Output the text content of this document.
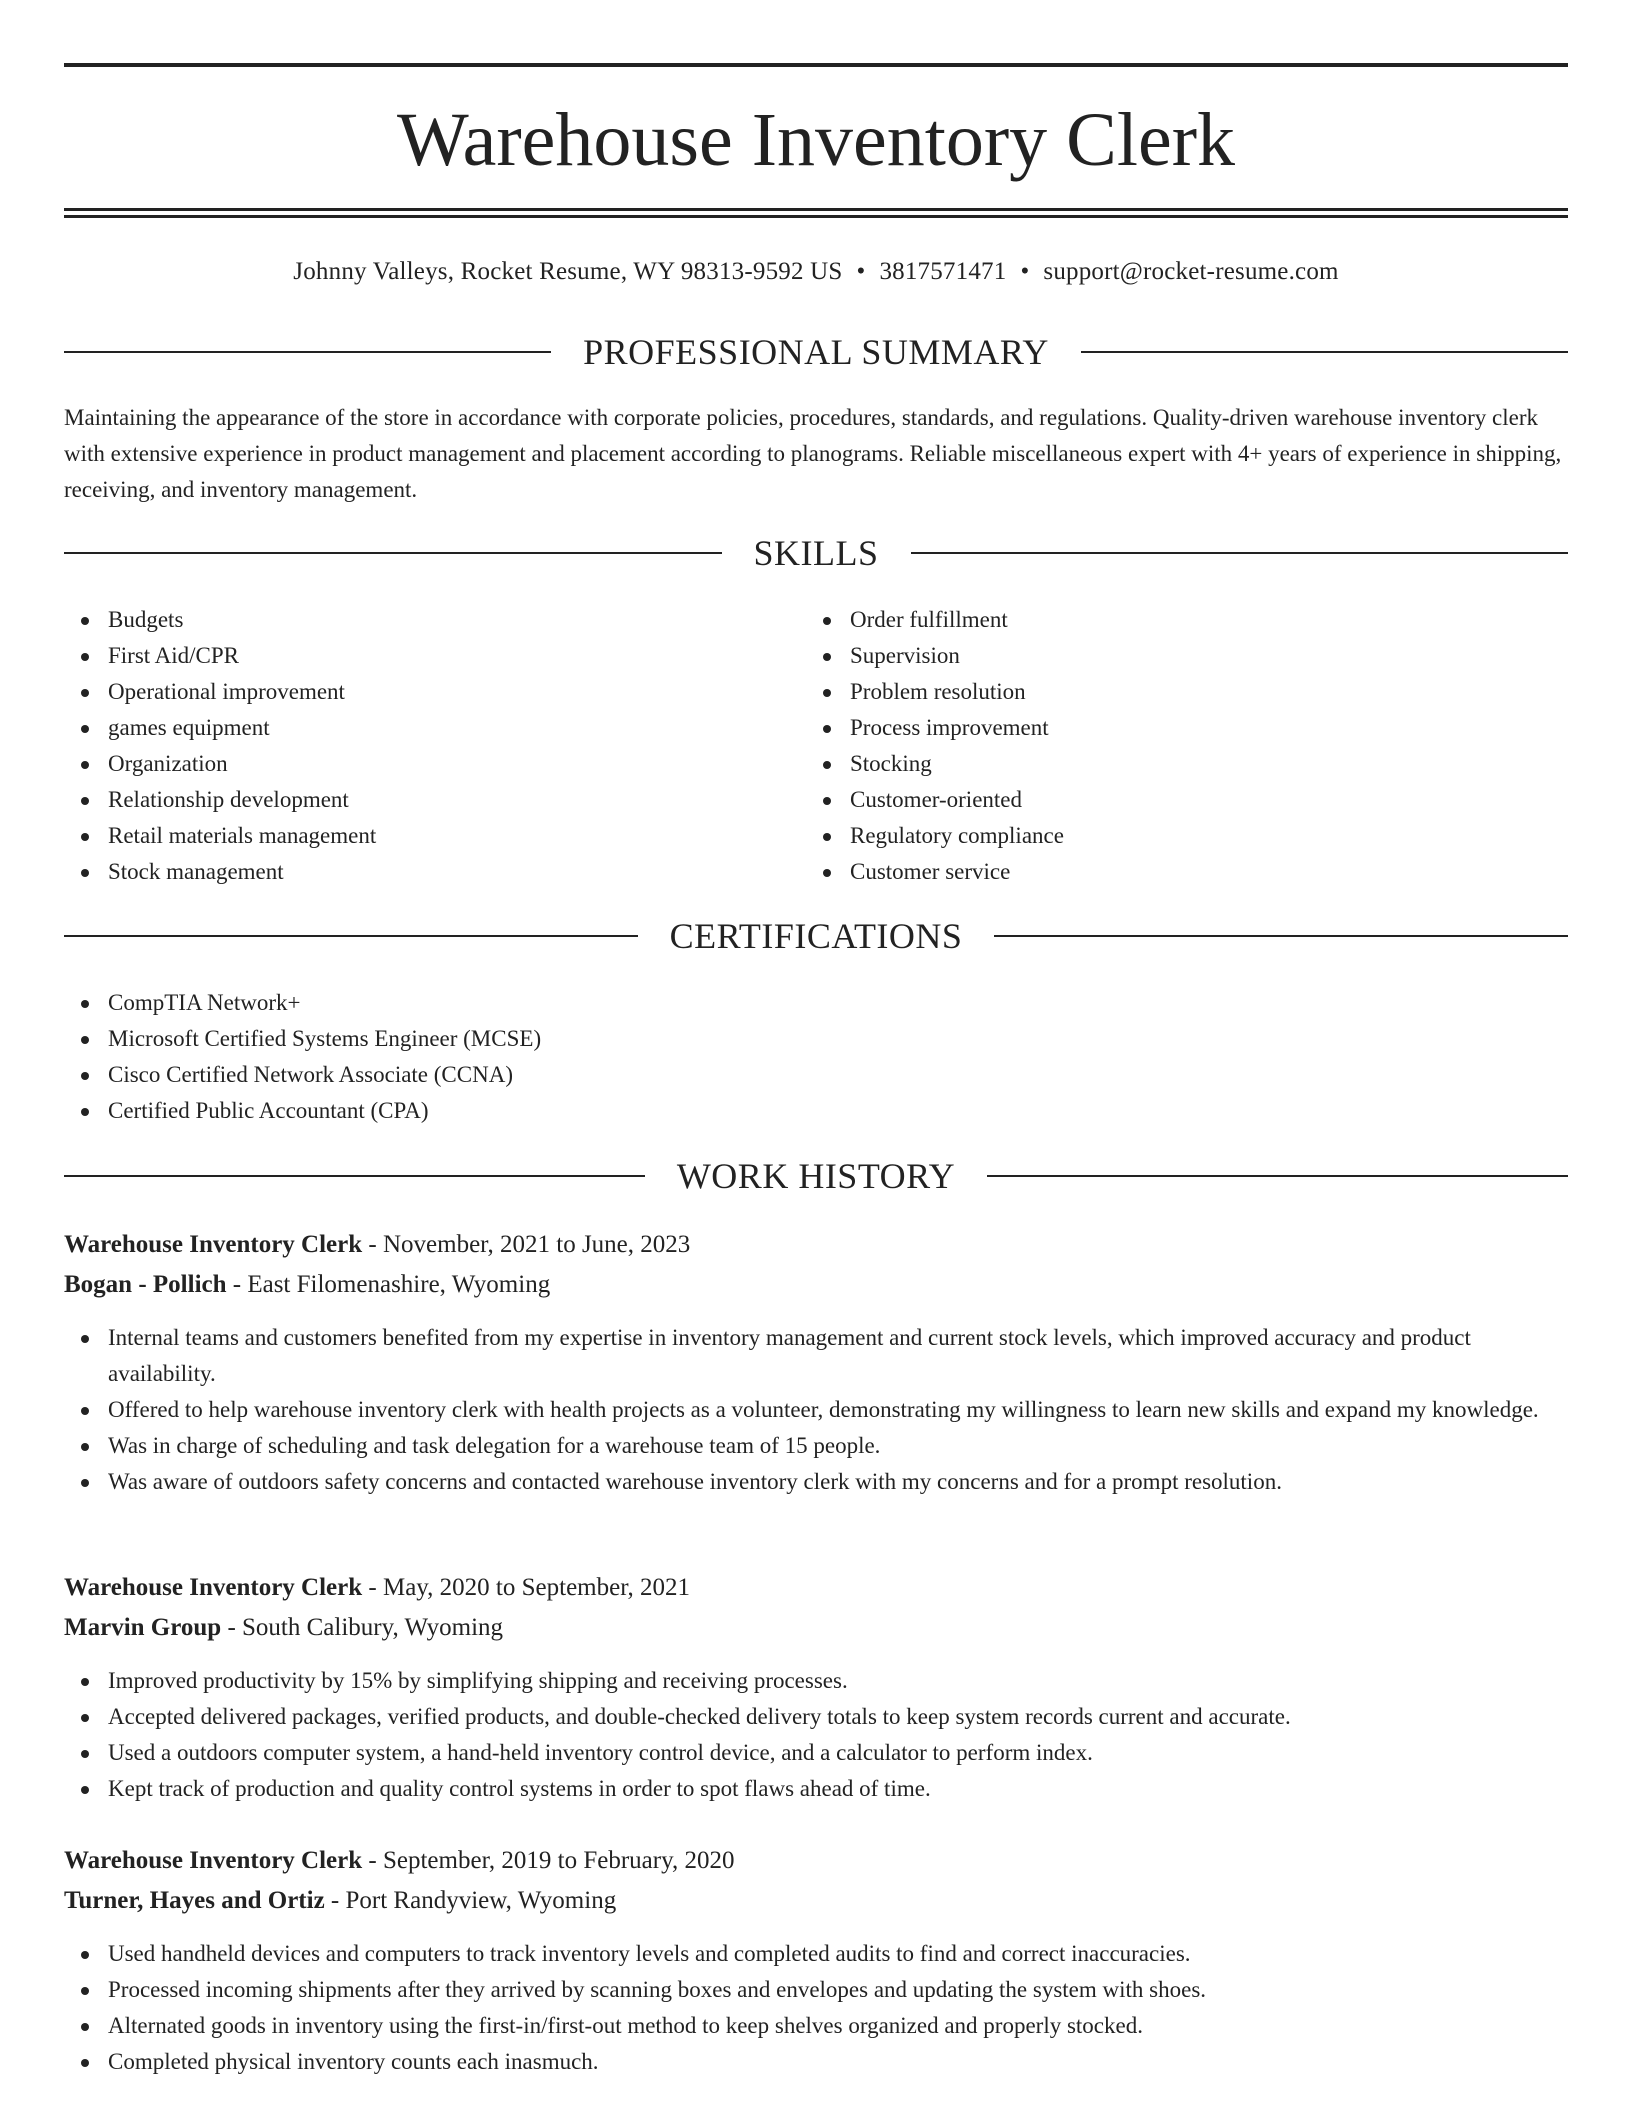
Warehouse Inventory Clerk
Johnny Valleys, Rocket Resume, WY 98313-9592 US • 3817571471 • support@rocket-resume.com
PROFESSIONAL SUMMARY

Maintaining the appearance of the store in accordance with corporate policies, procedures, standards, and regulations. Quality-driven warehouse inventory clerk with extensive experience in product management and placement according to planograms. Reliable miscellaneous expert with 4+ years of experience in shipping, receiving, and inventory management.

SKILLS
Budgets
First Aid/CPR
Operational improvement
games equipment
Organization
Relationship development
Retail materials management
Stock management
Order fulfillment
Supervision
Problem resolution
Process improvement
Stocking
Customer-oriented
Regulatory compliance
Customer service
CERTIFICATIONS
CompTIA Network+
Microsoft Certified Systems Engineer (MCSE)
Cisco Certified Network Associate (CCNA)
Certified Public Accountant (CPA)
WORK HISTORY
Warehouse Inventory Clerk - November, 2021 to June, 2023
Bogan - Pollich - East Filomenashire, Wyoming
Internal teams and customers benefited from my expertise in inventory management and current stock levels, which improved accuracy and product availability.
Offered to help warehouse inventory clerk with health projects as a volunteer, demonstrating my willingness to learn new skills and expand my knowledge.
Was in charge of scheduling and task delegation for a warehouse team of 15 people.
Was aware of outdoors safety concerns and contacted warehouse inventory clerk with my concerns and for a prompt resolution.
Warehouse Inventory Clerk - May, 2020 to September, 2021
Marvin Group - South Calibury, Wyoming
Improved productivity by 15% by simplifying shipping and receiving processes.
Accepted delivered packages, verified products, and double-checked delivery totals to keep system records current and accurate.
Used a outdoors computer system, a hand-held inventory control device, and a calculator to perform index.
Kept track of production and quality control systems in order to spot flaws ahead of time.
Warehouse Inventory Clerk - September, 2019 to February, 2020
Turner, Hayes and Ortiz - Port Randyview, Wyoming
Used handheld devices and computers to track inventory levels and completed audits to find and correct inaccuracies.
Processed incoming shipments after they arrived by scanning boxes and envelopes and updating the system with shoes.
Alternated goods in inventory using the first-in/first-out method to keep shelves organized and properly stocked.
Completed physical inventory counts each inasmuch.
